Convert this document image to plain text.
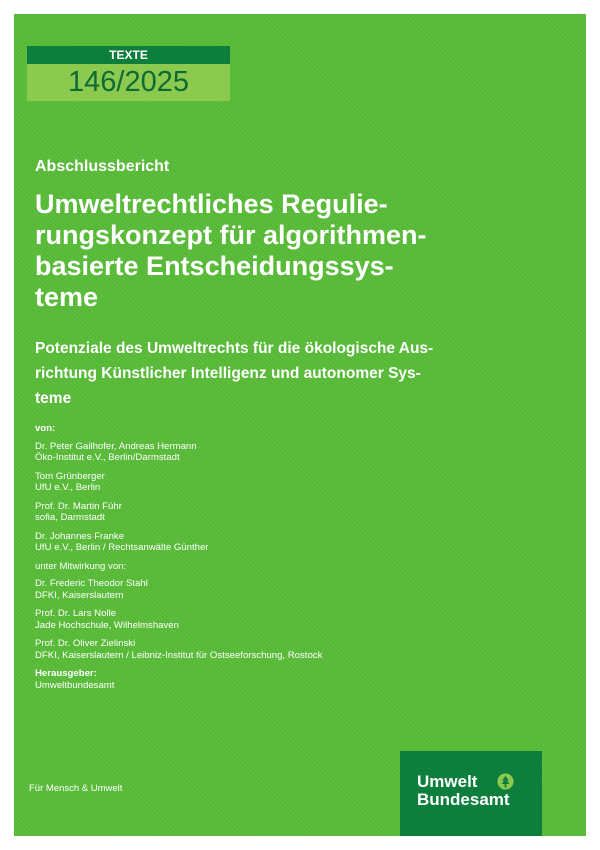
TEXTE
146/2025
Abschlussbericht
Umweltrechtliches Regulie-
rungskonzept für algorithmen-
basierte Entscheidungssys-
teme
Potenziale des Umweltrechts für die ökologische Aus-
richtung Künstlicher Intelligenz und autonomer Sys-
teme
von:
Dr. Peter Gailhofer, Andreas Hermann
Öko-Institut e.V., Berlin/Darmstadt
Tom Grünberger
UfU e.V., Berlin
Prof. Dr. Martin Führ
sofia, Darmstadt
Dr. Johannes Franke
UfU e.V., Berlin / Rechtsanwälte Günther
unter Mitwirkung von:
Dr. Frederic Theodor Stahl
DFKI, Kaiserslautern
Prof. Dr. Lars Nolle
Jade Hochschule, Wilhelmshaven
Prof. Dr. Oliver Zielinski
DFKI, Kaiserslautern / Leibniz-Institut für Ostseeforschung, Rostock
Herausgeber:
Umweltbundesamt
Für Mensch & Umwelt	Umwelt
Bundesamt
